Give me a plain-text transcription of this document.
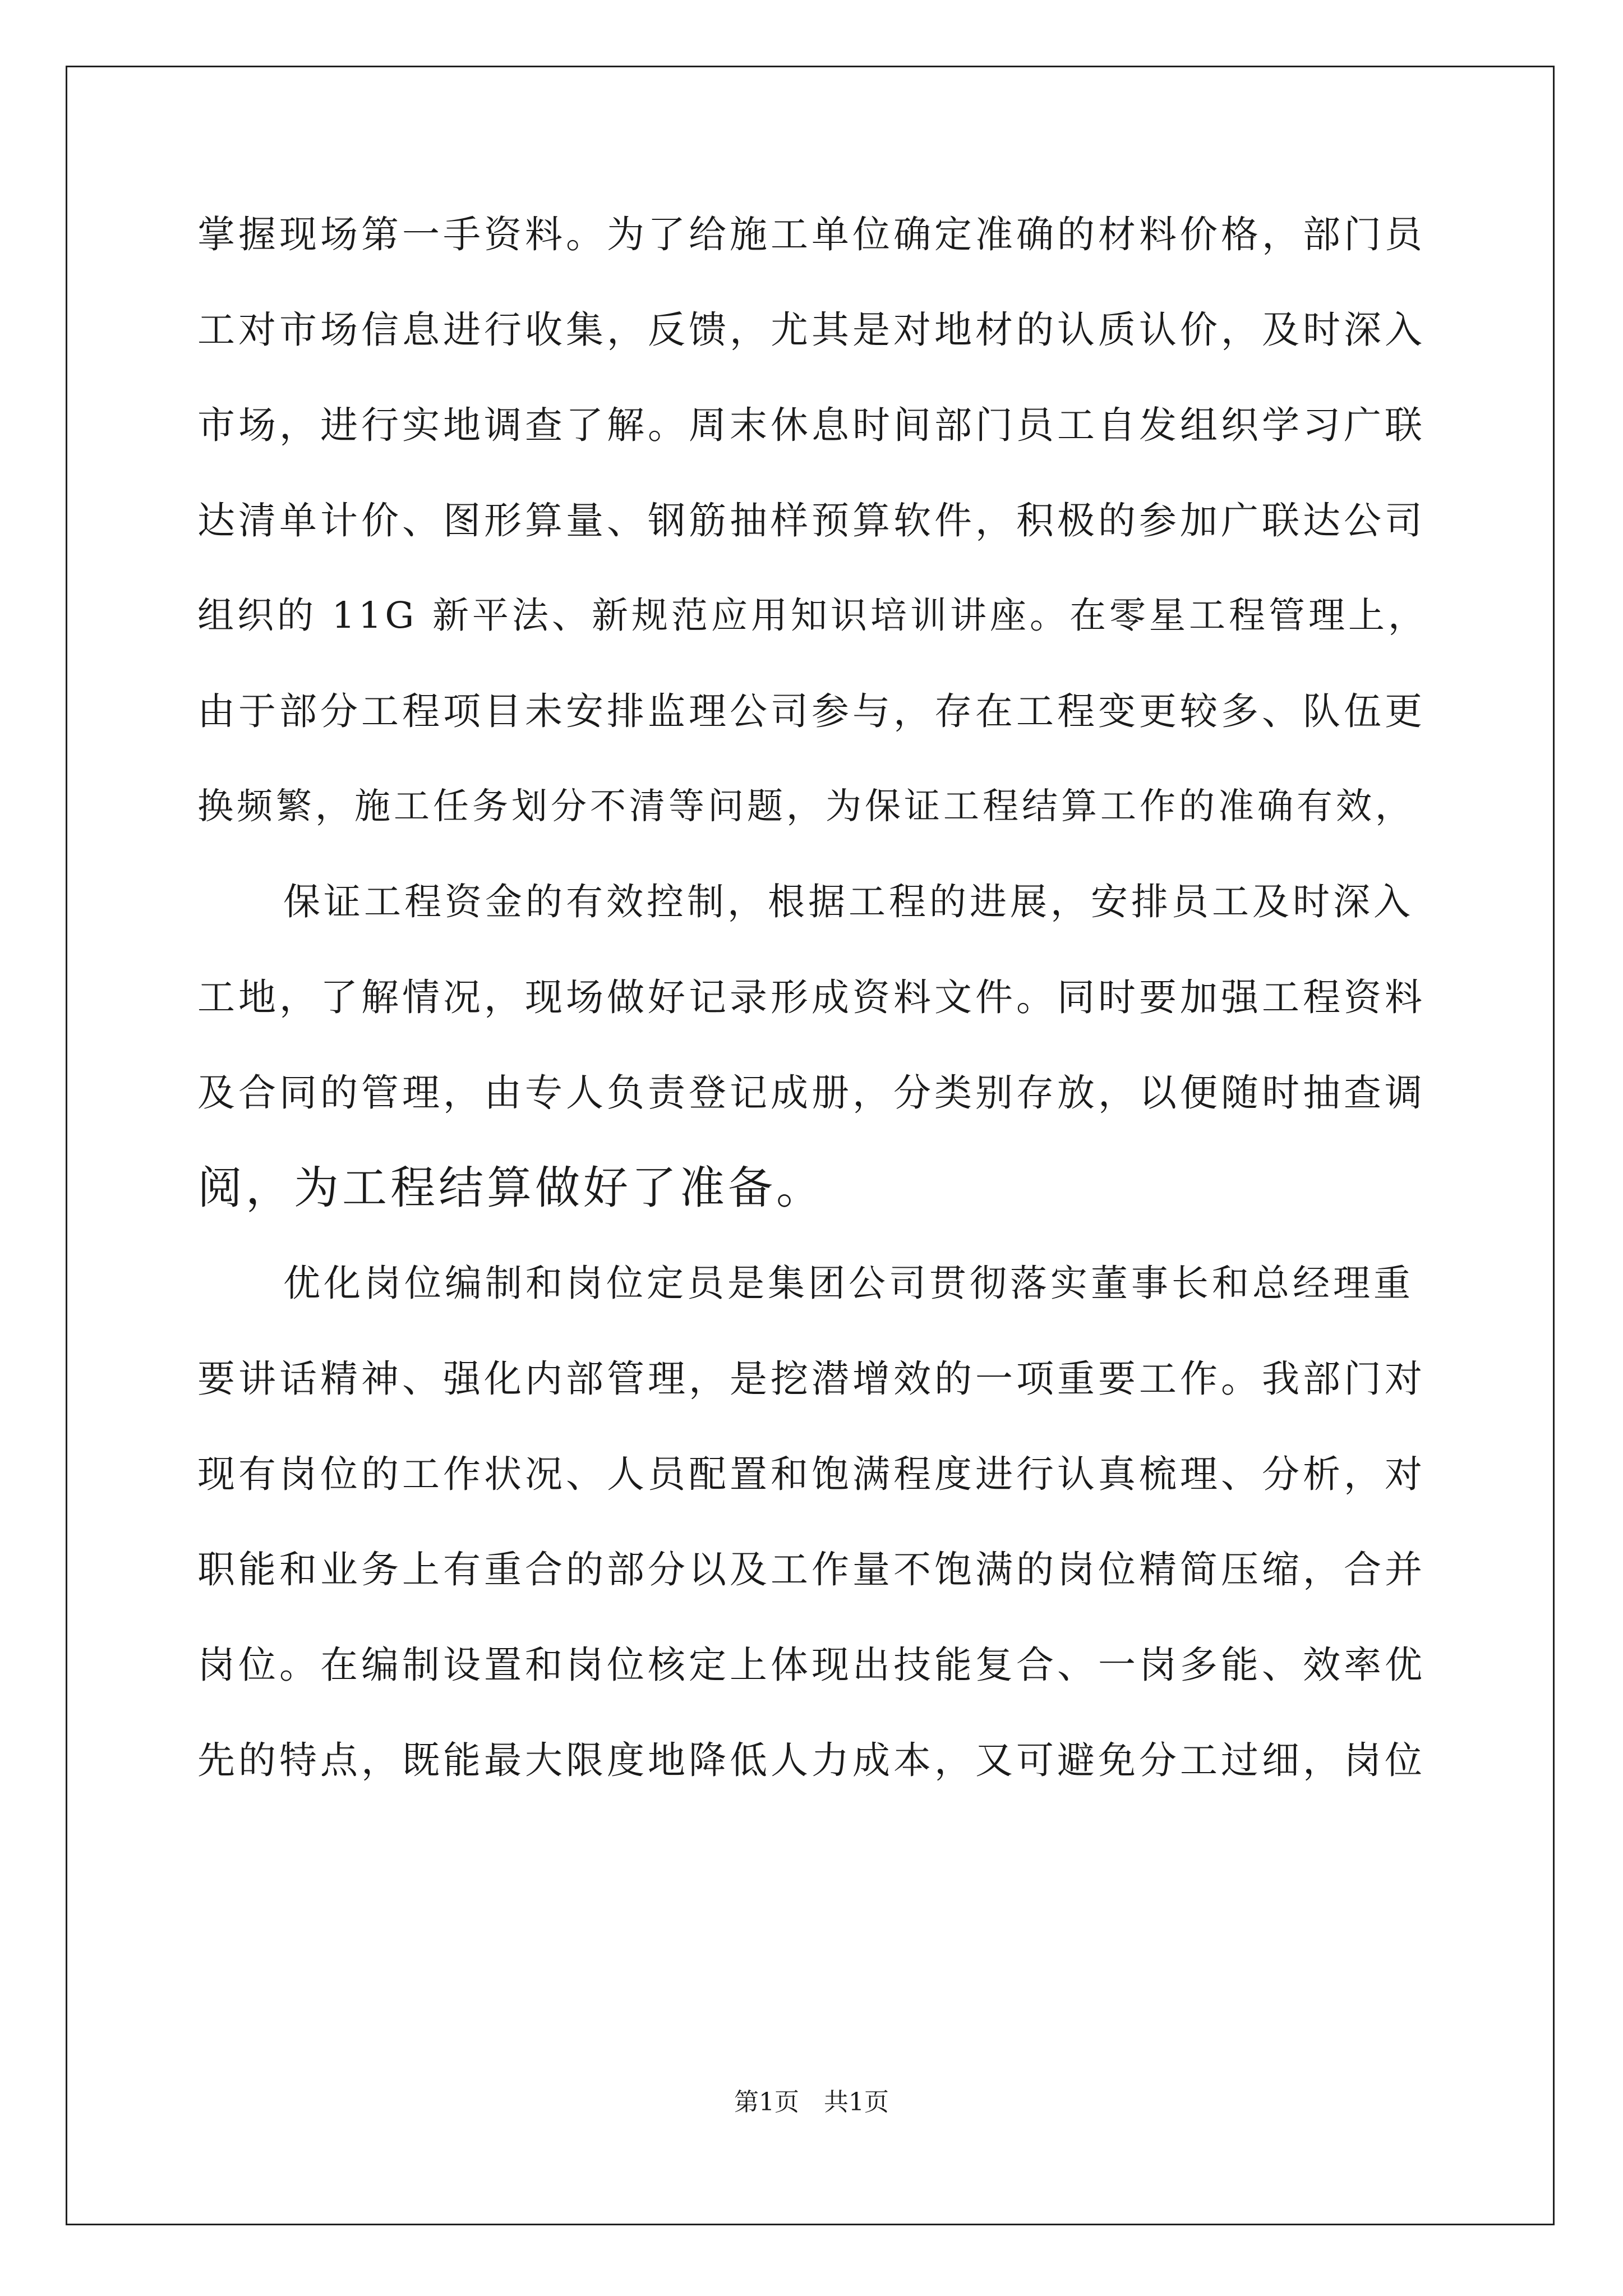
掌握现场第一手资料。为了给施工单位确定准确的材料价格，部门员
工对市场信息进行收集，反馈，尤其是对地材的认质认价，及时深入
市场，进行实地调查了解。周末休息时间部门员工自发组织学习广联
达清单计价、图形算量、钢筋抽样预算软件，积极的参加广联达公司
组织的 11G 新平法、新规范应用知识培训讲座。在零星工程管理上，
由于部分工程项目未安排监理公司参与，存在工程变更较多、队伍更
换频繁，施工任务划分不清等问题，为保证工程结算工作的准确有效，
保证工程资金的有效控制，根据工程的进展，安排员工及时深入
工地，了解情况，现场做好记录形成资料文件。同时要加强工程资料
及合同的管理，由专人负责登记成册，分类别存放，以便随时抽查调
阅，为工程结算做好了准备。
优化岗位编制和岗位定员是集团公司贯彻落实董事长和总经理重
要讲话精神、强化内部管理，是挖潜增效的一项重要工作。我部门对
现有岗位的工作状况、人员配置和饱满程度进行认真梳理、分析，对
职能和业务上有重合的部分以及工作量不饱满的岗位精简压缩，合并
岗位。在编制设置和岗位核定上体现出技能复合、一岗多能、效率优
先的特点，既能最大限度地降低人力成本，又可避免分工过细，岗位
第1页 共1页
